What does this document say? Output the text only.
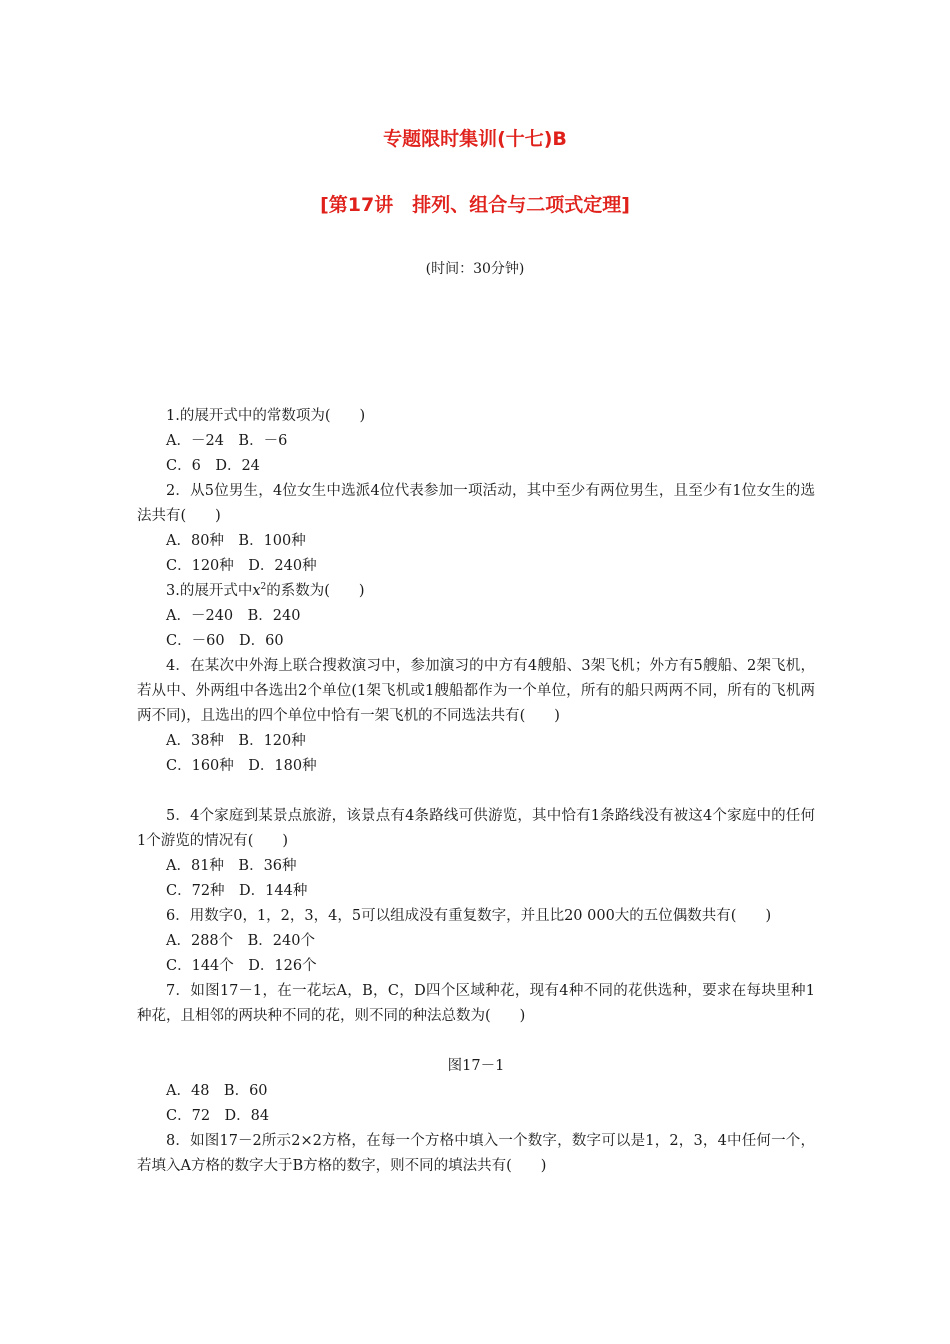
专题限时集训(十七)B
[第17讲　排列、组合与二项式定理]
(时间：30分钟)

1.的展开式中的常数项为(　　)

A．－24　B．－6

C．6　D．24

2．从5位男生，4位女生中选派4位代表参加一项活动，其中至少有两位男生，且至少有1位女生的选法共有(　　)

A．80种　B．100种

C．120种　D．240种

3.的展开式中$x^2$的系数为(　　)

A．－240　B．240

C．－60　D．60

4．在某次中外海上联合搜救演习中，参加演习的中方有4艘船、3架飞机；外方有5艘船、2架飞机，若从中、外两组中各选出2个单位(1架飞机或1艘船都作为一个单位，所有的船只两两不同，所有的飞机两两不同)，且选出的四个单位中恰有一架飞机的不同选法共有(　　)

A．38种　B．120种

C．160种　D．180种

5．4个家庭到某景点旅游，该景点有4条路线可供游览，其中恰有1条路线没有被这4个家庭中的任何1个游览的情况有(　　)

A．81种　B．36种

C．72种　D．144种

6．用数字0，1，2，3，4，5可以组成没有重复数字，并且比20 000大的五位偶数共有(　　)

A．288个　B．240个

C．144个　D．126个

7．如图17－1，在一花坛A，B，C，D四个区域种花，现有4种不同的花供选种，要求在每块里种1种花，且相邻的两块种不同的花，则不同的种法总数为(　　)

图17－1

A．48　B．60

C．72　D．84

8．如图17－2所示2×2方格，在每一个方格中填入一个数字，数字可以是1，2，3，4中任何一个，若填入A方格的数字大于B方格的数字，则不同的填法共有(　　)
